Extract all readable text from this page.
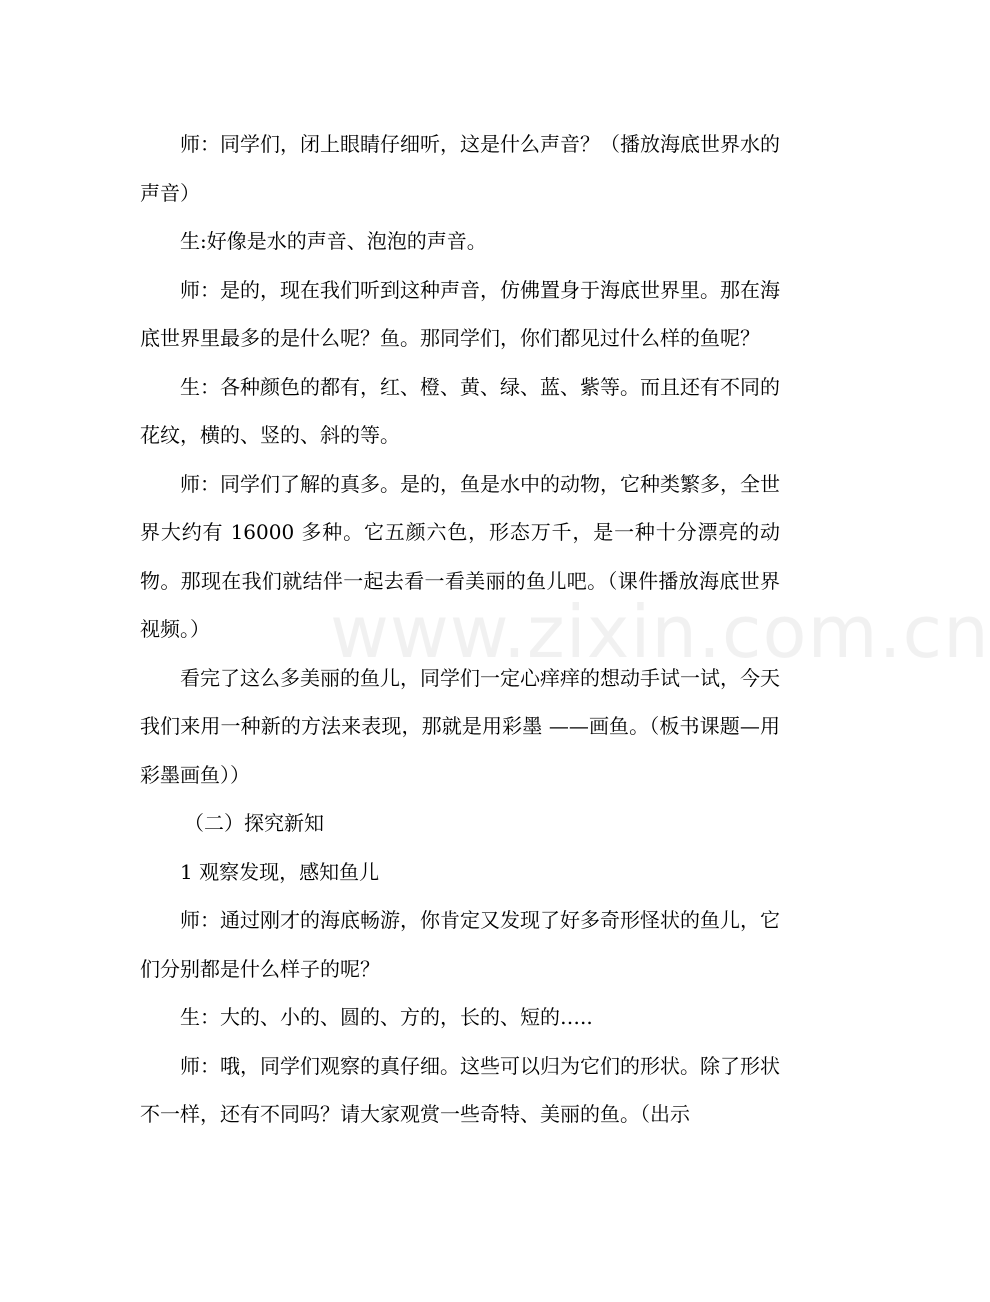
www.zixin.com.cn

师：同学们，闭上眼睛仔细听，这是什么声音？（播放海底世界水的声音）

生:好像是水的声音、泡泡的声音。

师：是的，现在我们听到这种声音，仿佛置身于海底世界里。那在海底世界里最多的是什么呢？鱼。那同学们，你们都见过什么样的鱼呢？

生：各种颜色的都有，红、橙、黄、绿、蓝、紫等。而且还有不同的花纹，横的、竖的、斜的等。

师：同学们了解的真多。是的，鱼是水中的动物，它种类繁多，全世界大约有 16000 多种。它五颜六色，形态万千，是一种十分漂亮的动物。那现在我们就结伴一起去看一看美丽的鱼儿吧。（课件播放海底世界视频。）

看完了这么多美丽的鱼儿，同学们一定心痒痒的想动手试一试，今天我们来用一种新的方法来表现，那就是用彩墨 ——画鱼。（板书课题—用彩墨画鱼））

（二）探究新知

1 观察发现，感知鱼儿

师：通过刚才的海底畅游，你肯定又发现了好多奇形怪状的鱼儿，它们分别都是什么样子的呢？

生：大的、小的、圆的、方的，长的、短的…..

师：哦，同学们观察的真仔细。这些可以归为它们的形状。除了形状不一样，还有不同吗？请大家观赏一些奇特、美丽的鱼。（出示
